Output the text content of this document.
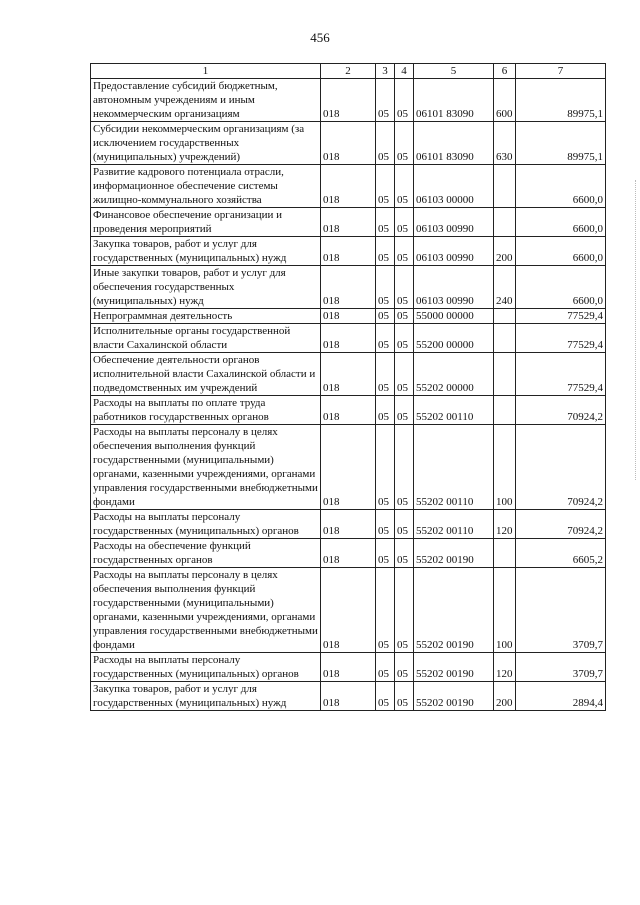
456
1	2	3	4	5	6	7
Предоставление субсидий бюджетным, автономным учреждениям и иным некоммерческим организациям	018	05	05	06101 83090	600	89975,1
Субсидии некоммерческим организациям (за исключением государственных (муниципальных) учреждений)	018	05	05	06101 83090	630	89975,1
Развитие кадрового потенциала отрасли, информационное обеспечение системы жилищно-коммунального хозяйства	018	05	05	06103 00000		6600,0
Финансовое обеспечение организации и проведения мероприятий	018	05	05	06103 00990		6600,0
Закупка товаров, работ и услуг для государственных (муниципальных) нужд	018	05	05	06103 00990	200	6600,0
Иные закупки товаров, работ и услуг для обеспечения государственных (муниципальных) нужд	018	05	05	06103 00990	240	6600,0
Непрограммная деятельность	018	05	05	55000 00000		77529,4
Исполнительные органы государственной власти Сахалинской области	018	05	05	55200 00000		77529,4
Обеспечение деятельности органов исполнительной власти Сахалинской области и подведомственных им учреждений	018	05	05	55202 00000		77529,4
Расходы на выплаты по оплате труда работников государственных органов	018	05	05	55202 00110		70924,2
Расходы на выплаты персоналу в целях обеспечения выполнения функций государственными (муниципальными) органами, казенными учреждениями, органами управления государственными внебюджетными фондами	018	05	05	55202 00110	100	70924,2
Расходы на выплаты персоналу государственных (муниципальных) органов	018	05	05	55202 00110	120	70924,2
Расходы на обеспечение функций государственных органов	018	05	05	55202 00190		6605,2
Расходы на выплаты персоналу в целях обеспечения выполнения функций государственными (муниципальными) органами, казенными учреждениями, органами управления государственными внебюджетными фондами	018	05	05	55202 00190	100	3709,7
Расходы на выплаты персоналу государственных (муниципальных) органов	018	05	05	55202 00190	120	3709,7
Закупка товаров, работ и услуг для государственных (муниципальных) нужд	018	05	05	55202 00190	200	2894,4
